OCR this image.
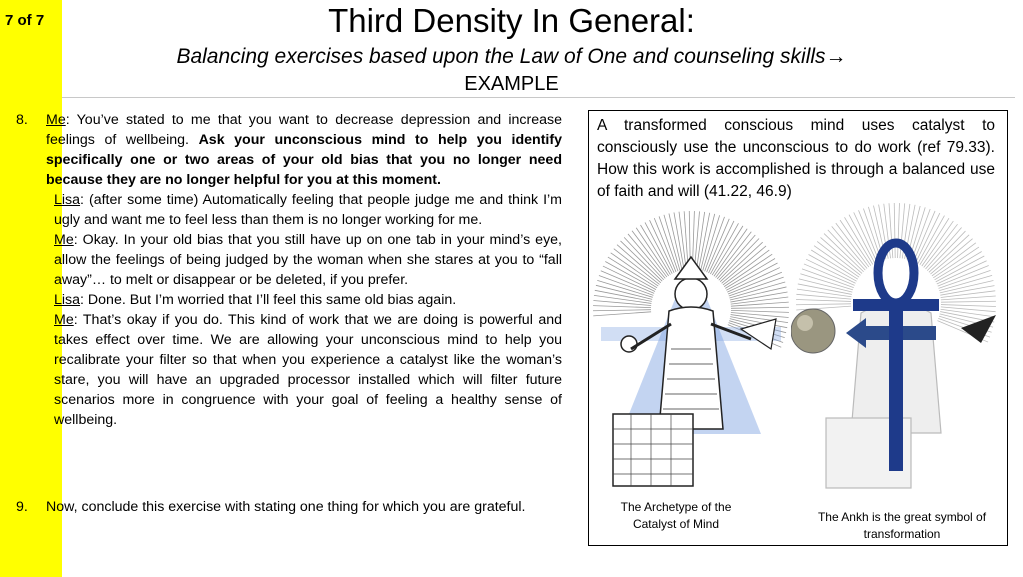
7 of 7	Third Density In General:
Balancing exercises based upon the Law of One and counseling skills→
EXAMPLE
8. Me: You’ve stated to me that you want to decrease depression and increase feelings of wellbeing. Ask your unconscious mind to help you identify specifically one or two areas of your old bias that you no longer need because they are no longer helpful for you at this moment.

Lisa: (after some time) Automatically feeling that people judge me and think I’m ugly and want me to feel less than them is no longer working for me.

Me: Okay. In your old bias that you still have up on one tab in your mind’s eye, allow the feelings of being judged by the woman when she stares at you to “fall away”… to melt or disappear or be deleted, if you prefer.

Lisa: Done. But I’m worried that I’ll feel this same old bias again.

Me: That’s okay if you do. This kind of work that we are doing is powerful and takes effect over time. We are allowing your unconscious mind to help you recalibrate your filter so that when you experience a catalyst like the woman’s stare, you will have an upgraded processor installed which will filter future scenarios more in congruence with your goal of feeling a healthy sense of wellbeing.

9. Now, conclude this exercise with stating one thing for which you are grateful.
A transformed conscious mind uses catalyst to consciously use the unconscious to do work (ref 79.33). How this work is accomplished is through a balanced use of faith and will (41.22, 46.9)
The Archetype of the Catalyst of Mind	The Ankh is the great symbol of transformation
